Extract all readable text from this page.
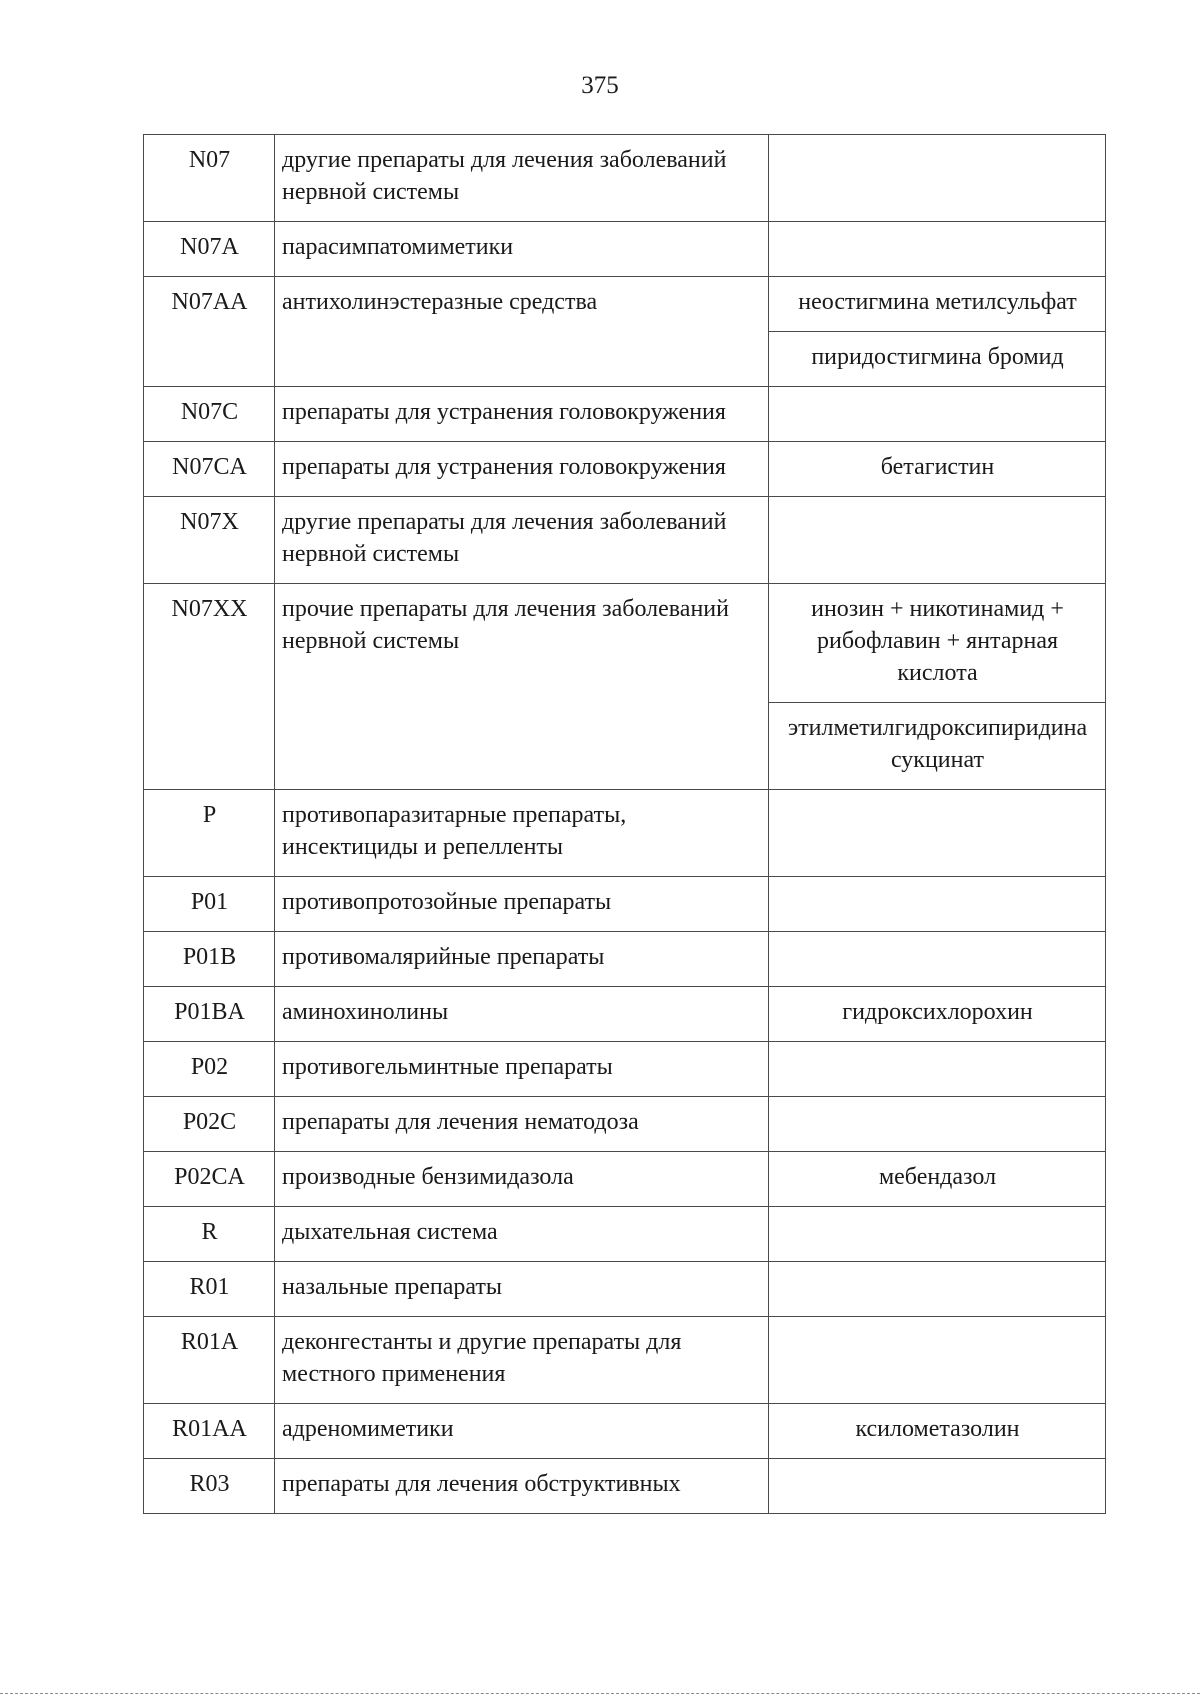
375
N07	другие препараты для лечения заболеваний нервной системы	
N07A	парасимпатомиметики	
N07AA	антихолинэстеразные средства	неостигмина метилсульфат
		пиридостигмина бромид
N07C	препараты для устранения головокружения	
N07CA	препараты для устранения головокружения	бетагистин
N07X	другие препараты для лечения заболеваний нервной системы	
N07XX	прочие препараты для лечения заболеваний нервной системы	инозин + никотинамид + рибофлавин + янтарная кислота
		этилметилгидроксипиридина сукцинат
P	противопаразитарные препараты, инсектициды и репелленты	
P01	противопротозойные препараты	
P01B	противомалярийные препараты	
P01BA	аминохинолины	гидроксихлорохин
P02	противогельминтные препараты	
P02C	препараты для лечения нематодоза	
P02CA	производные бензимидазола	мебендазол
R	дыхательная система	
R01	назальные препараты	
R01A	деконгестанты и другие препараты для местного применения	
R01AA	адреномиметики	ксилометазолин
R03	препараты для лечения обструктивных	
